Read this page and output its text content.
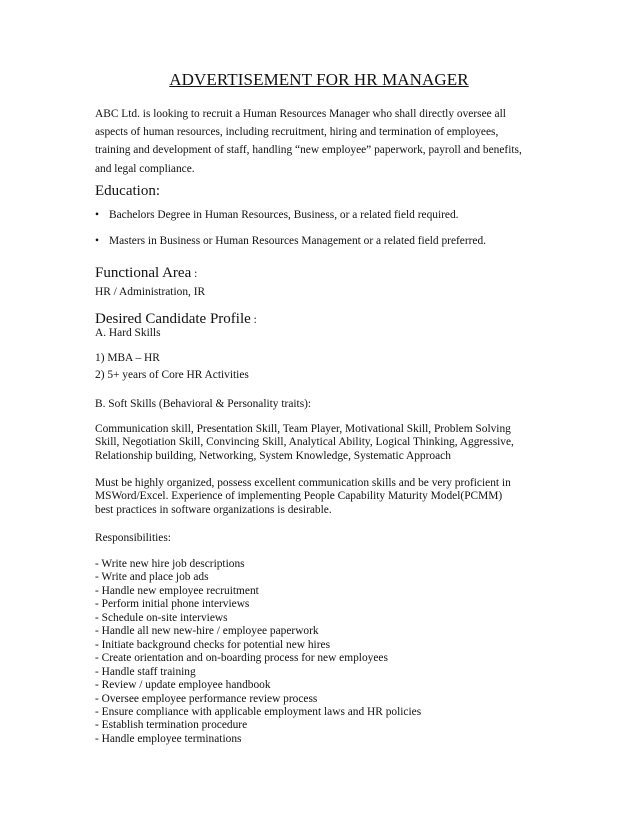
ADVERTISEMENT FOR HR MANAGER
ABC Ltd. is looking to recruit a Human Resources Manager who shall directly oversee all
aspects of human resources, including recruitment, hiring and termination of employees,
training and development of staff, handling “new employee” paperwork, payroll and benefits,
and legal compliance.
Education:
• Bachelors Degree in Human Resources, Business, or a related field required.
• Masters in Business or Human Resources Management or a related field preferred.
Functional Area :
HR / Administration, IR
Desired Candidate Profile :
A. Hard Skills
1) MBA – HR
2) 5+ years of Core HR Activities
B. Soft Skills (Behavioral & Personality traits):
Communication skill, Presentation Skill, Team Player, Motivational Skill, Problem Solving
Skill, Negotiation Skill, Convincing Skill, Analytical Ability, Logical Thinking, Aggressive,
Relationship building, Networking, System Knowledge, Systematic Approach
Must be highly organized, possess excellent communication skills and be very proficient in
MSWord/Excel. Experience of implementing People Capability Maturity Model(PCMM)
best practices in software organizations is desirable.
Responsibilities:
- Write new hire job descriptions
- Write and place job ads
- Handle new employee recruitment
- Perform initial phone interviews
- Schedule on-site interviews
- Handle all new new-hire / employee paperwork
- Initiate background checks for potential new hires
- Create orientation and on-boarding process for new employees
- Handle staff training
- Review / update employee handbook
- Oversee employee performance review process
- Ensure compliance with applicable employment laws and HR policies
- Establish termination procedure
- Handle employee terminations
